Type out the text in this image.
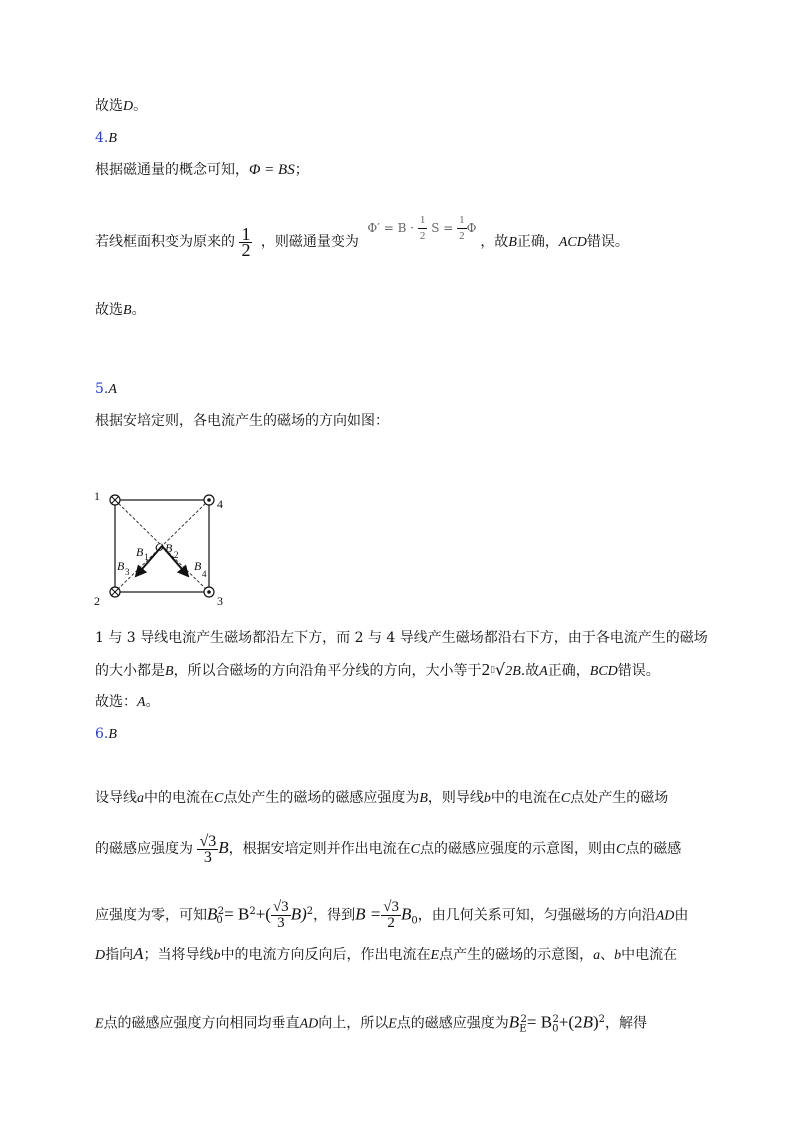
故选D。
4.B
根据磁通量的概念可知，Φ = BS；
若线框面积变为原来的 $\frac{1}{2}$ ，则磁通量变为 $\Phi' = B \cdot \frac{1}{2}$ $S = \frac{1}{2}$ Φ ，故B正确，ACD错误。
故选B。
5.A
根据安培定则，各电流产生的磁场的方向如图：
1
2	3
4
B 1
O B 2
B 3	B
4
1 与 3 导线电流产生磁场都沿左下方，而 2 与 4 导线产生磁场都沿右下方，由于各电流产生的磁场
的大小都是B，所以合磁场的方向沿角平分线的方向，大小等于2▯√2B.故A正确，BCD错误。
故选：A。
6.B
设导线a中的电流在C点处产生的磁场的磁感应强度为B，则导线b中的电流在C点处产生的磁场
的磁感应强度为 $\frac{√3}{3}$ B，根据安培定则并作出电流在C点的磁感应强度的示意图，则由C点的磁感
应强度为零，可知$B_0^2= B^2+( \frac{√3}{3} B)^2$，得到$B = \frac{√3}{2} B_0$，由几何关系可知，匀强磁场的方向沿AD由
D指向A；当将导线b中的电流方向反向后，作出电流在E点产生的磁场的示意图，a、b中电流在
E点的磁感应强度方向相同均垂直AD向上，所以E点的磁感应强度为$B_E^2= B_0^2+(2B)^2$，解得
